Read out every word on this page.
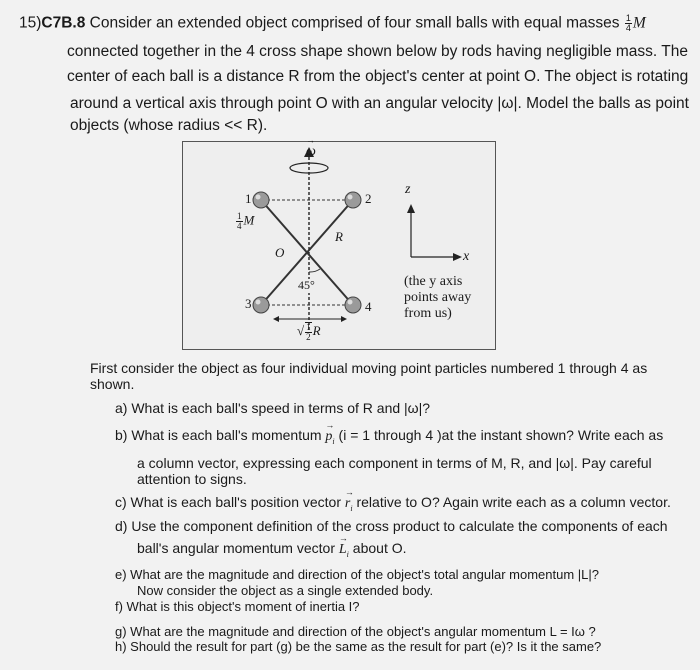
15)C7B.8 Consider an extended object comprised of four small balls with equal masses $\frac{1}{4}$ M
connected together in the 4 cross shape shown below by rods having negligible mass. The
center of each ball is a distance R from the object's center at point O. The object is rotating
around a vertical axis through point O with an angular velocity |ω|. Model the balls as point
objects (whose radius << R).
→ ω
1	2
3	4
$\frac{1}{4}$ M
O
R
45°
√ $\frac{1}{2}$ R
z
x
(the y axis
points away
from us)
First consider the object as four individual moving point particles numbered 1 through 4 as
shown.
a) What is each ball's speed in terms of R and |ω|?
b) What is each ball's momentum → $p_i$ (i = 1 through 4 )at the instant shown? Write each as
a column vector, expressing each component in terms of M, R, and |ω|. Pay careful
attention to signs.
c) What is each ball's position vector → $r_i$ relative to O? Again write each as a column vector.
d) Use the component definition of the cross product to calculate the components of each
ball's angular momentum vector → $L_i$ about O.
e) What are the magnitude and direction of the object's total angular momentum |L|?
Now consider the object as a single extended body.
f) What is this object's moment of inertia I?
g) What are the magnitude and direction of the object's angular momentum L = Iω ?
h) Should the result for part (g) be the same as the result for part (e)? Is it the same?
